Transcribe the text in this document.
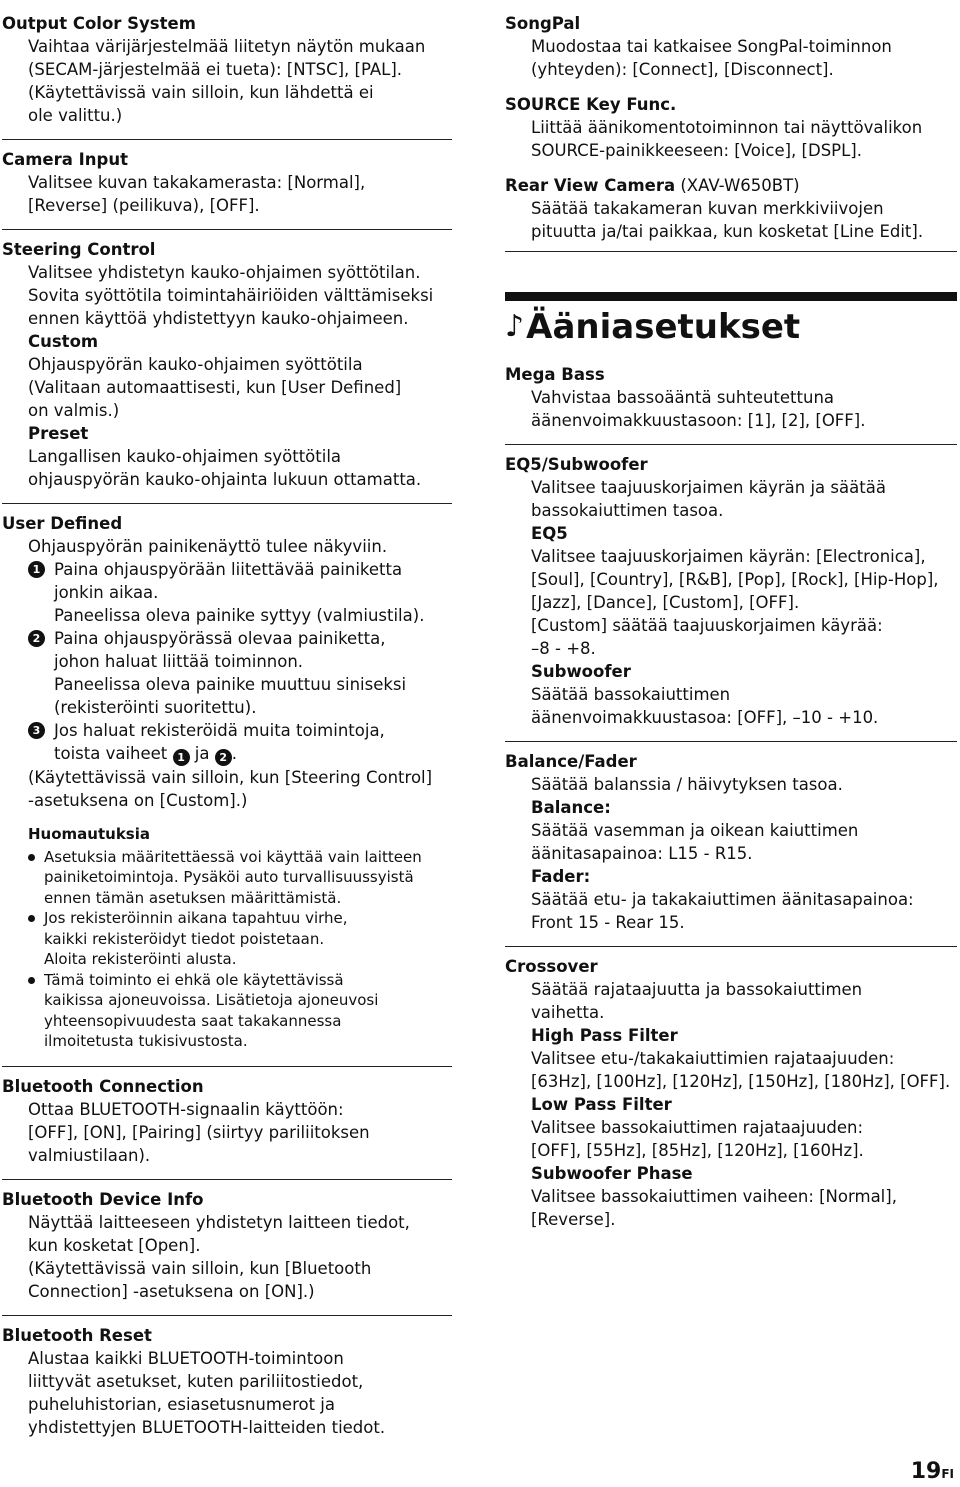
Output Color System
Vaihtaa värijärjestelmää liitetyn näytön mukaan
(SECAM-järjestelmää ei tueta): [NTSC], [PAL].
(Käytettävissä vain silloin, kun lähdettä ei
ole valittu.)
Camera Input
Valitsee kuvan takakamerasta: [Normal],
[Reverse] (peilikuva), [OFF].
Steering Control
Valitsee yhdistetyn kauko-ohjaimen syöttötilan.
Sovita syöttötila toimintahäiriöiden välttämiseksi
ennen käyttöä yhdistettyyn kauko-ohjaimeen.
Custom
Ohjauspyörän kauko-ohjaimen syöttötila
(Valitaan automaattisesti, kun [User Defined]
on valmis.)
Preset
Langallisen kauko-ohjaimen syöttötila
ohjauspyörän kauko-ohjainta lukuun ottamatta.
User Defined
Ohjauspyörän painikenäyttö tulee näkyviin.
1 Paina ohjauspyörään liitettävää painiketta
jonkin aikaa.
Paneelissa oleva painike syttyy (valmiustila).
2 Paina ohjauspyörässä olevaa painiketta,
johon haluat liittää toiminnon.
Paneelissa oleva painike muuttuu siniseksi
(rekisteröinti suoritettu).
3 Jos haluat rekisteröidä muita toimintoja,
toista vaiheet 1 ja 2 .
(Käytettävissä vain silloin, kun [Steering Control]
-asetuksena on [Custom].)
Huomautuksia
Asetuksia määritettäessä voi käyttää vain laitteen
painiketoimintoja. Pysäköi auto turvallisuussyistä
ennen tämän asetuksen määrittämistä.
Jos rekisteröinnin aikana tapahtuu virhe,
kaikki rekisteröidyt tiedot poistetaan.
Aloita rekisteröinti alusta.
Tämä toiminto ei ehkä ole käytettävissä
kaikissa ajoneuvoissa. Lisätietoja ajoneuvosi
yhteensopivuudesta saat takakannessa
ilmoitetusta tukisivustosta.
Bluetooth Connection
Ottaa BLUETOOTH-signaalin käyttöön:
[OFF], [ON], [Pairing] (siirtyy pariliitoksen
valmiustilaan).
Bluetooth Device Info
Näyttää laitteeseen yhdistetyn laitteen tiedot,
kun kosketat [Open].
(Käytettävissä vain silloin, kun [Bluetooth
Connection] -asetuksena on [ON].)
Bluetooth Reset
Alustaa kaikki BLUETOOTH-toimintoon
liittyvät asetukset, kuten pariliitostiedot,
puheluhistorian, esiasetusnumerot ja
yhdistettyjen BLUETOOTH-laitteiden tiedot.
SongPal
Muodostaa tai katkaisee SongPal-toiminnon
(yhteyden): [Connect], [Disconnect].
SOURCE Key Func.
Liittää äänikomentotoiminnon tai näyttövalikon
SOURCE-painikkeeseen: [Voice], [DSPL].
Rear View Camera (XAV-W650BT)
Säätää takakameran kuvan merkkiviivojen
pituutta ja/tai paikkaa, kun kosketat [Line Edit].
♪ Ääniasetukset
Mega Bass
Vahvistaa bassoääntä suhteutettuna
äänenvoimakkuustasoon: [1], [2], [OFF].
EQ5/Subwoofer
Valitsee taajuuskorjaimen käyrän ja säätää
bassokaiuttimen tasoa.
EQ5
Valitsee taajuuskorjaimen käyrän: [Electronica],
[Soul], [Country], [R&B], [Pop], [Rock], [Hip-Hop],
[Jazz], [Dance], [Custom], [OFF].
[Custom] säätää taajuuskorjaimen käyrää:
–8 - +8.
Subwoofer
Säätää bassokaiuttimen
äänenvoimakkuustasoa: [OFF], –10 - +10.
Balance/Fader
Säätää balanssia / häivytyksen tasoa.
Balance:
Säätää vasemman ja oikean kaiuttimen
äänitasapainoa: L15 - R15.
Fader:
Säätää etu- ja takakaiuttimen äänitasapainoa:
Front 15 - Rear 15.
Crossover
Säätää rajataajuutta ja bassokaiuttimen
vaihetta.
High Pass Filter
Valitsee etu-/takakaiuttimien rajataajuuden:
[63Hz], [100Hz], [120Hz], [150Hz], [180Hz], [OFF].
Low Pass Filter
Valitsee bassokaiuttimen rajataajuuden:
[OFF], [55Hz], [85Hz], [120Hz], [160Hz].
Subwoofer Phase
Valitsee bassokaiuttimen vaiheen: [Normal],
[Reverse].
19FI
